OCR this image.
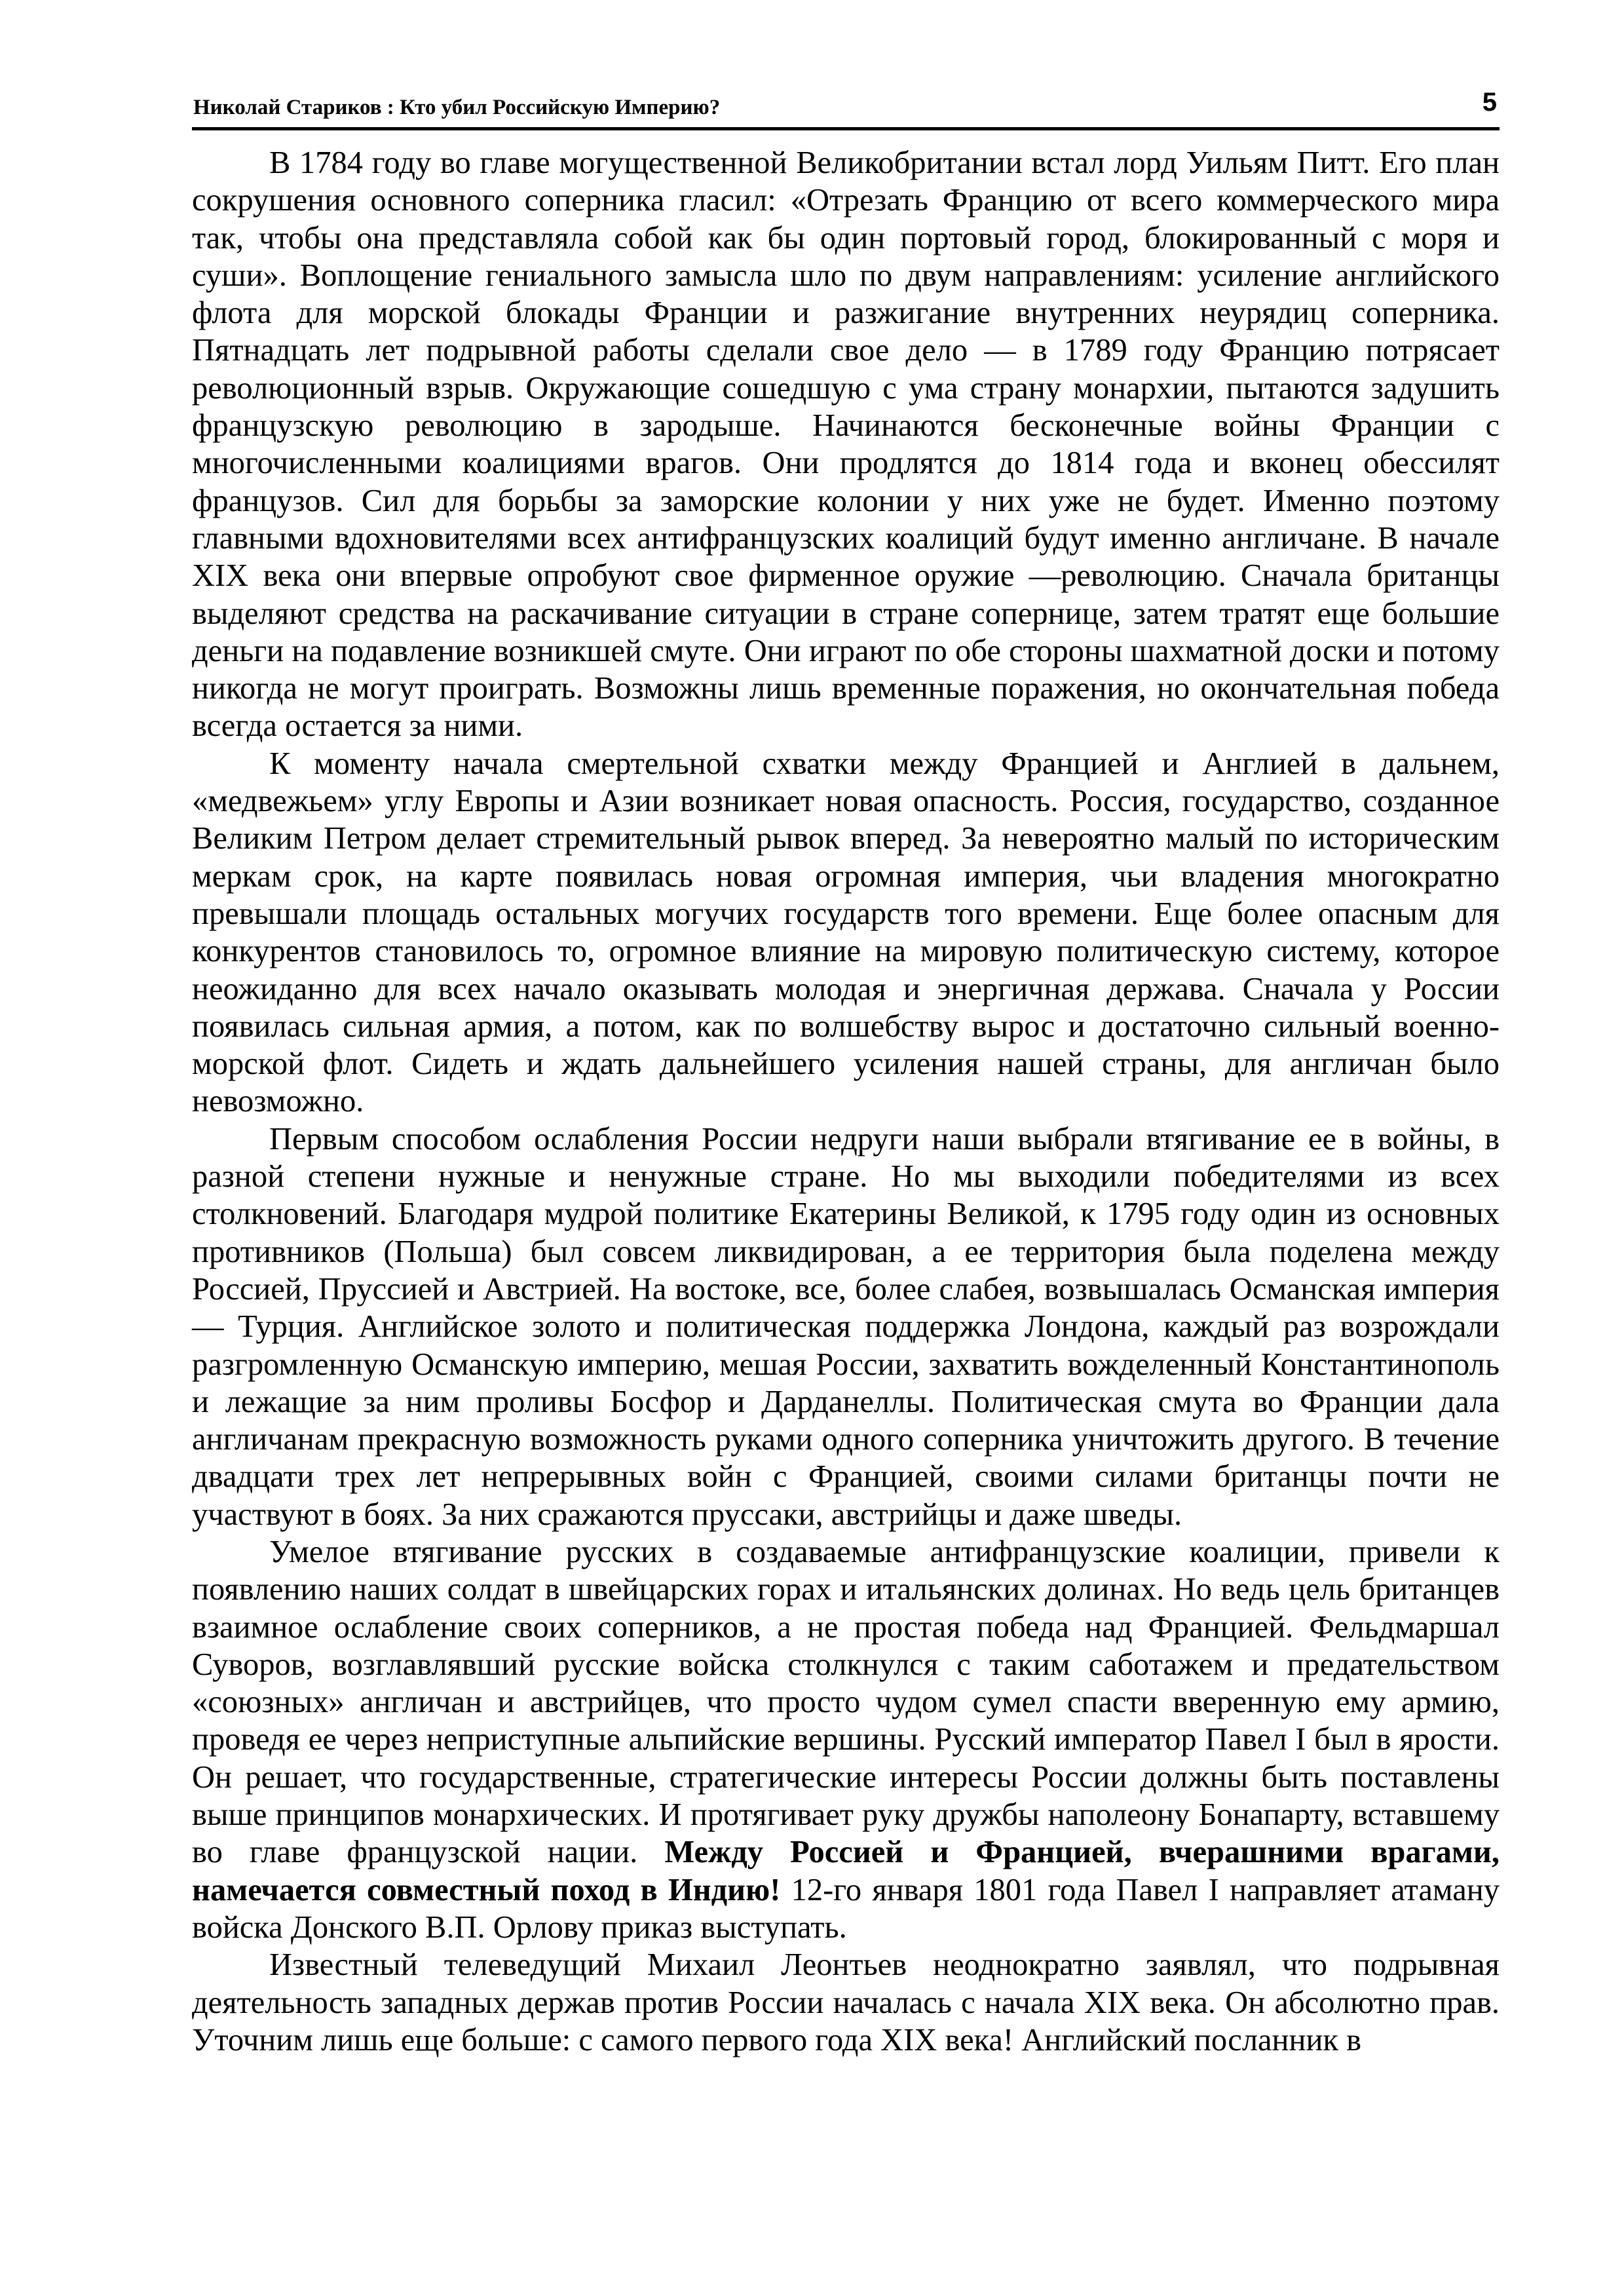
Николай Стариков : Кто убил Российскую Империю?	5

В 1784 году во главе могущественной Великобритании встал лорд Уильям Питт. Его план сокрушения основного соперника гласил: «Отрезать Францию от всего коммерческого мира так, чтобы она представляла собой как бы один портовый город, блокированный с моря и суши». Воплощение гениального замысла шло по двум направлениям: усиление английского флота для морской блокады Франции и разжигание внутренних неурядиц соперника. Пятнадцать лет подрывной работы сделали свое дело — в 1789 году Францию потрясает революционный взрыв. Окружающие сошедшую с ума страну монархии, пытаются задушить французскую революцию в зародыше. Начинаются бесконечные войны Франции с многочисленными коалициями врагов. Они продлятся до 1814 года и вконец обессилят французов. Сил для борьбы за заморские колонии у них уже не будет. Именно поэтому главными вдохновителями всех антифранцузских коалиций будут именно англичане. В начале XIX века они впервые опробуют свое фирменное оружие —революцию. Сначала британцы выделяют средства на раскачивание ситуации в стране сопернице, затем тратят еще большие деньги на подавление возникшей смуте. Они играют по обе стороны шахматной доски и потому никогда не могут проиграть. Возможны лишь временные поражения, но окончательная победа всегда остается за ними.

К моменту начала смертельной схватки между Францией и Англией в дальнем, «медвежьем» углу Европы и Азии возникает новая опасность. Россия, государство, созданное Великим Петром делает стремительный рывок вперед. За невероятно малый по историческим меркам срок, на карте появилась новая огромная империя, чьи владения многократно превышали площадь остальных могучих государств того времени. Еще более опасным для конкурентов становилось то, огромное влияние на мировую политическую систему, которое неожиданно для всех начало оказывать молодая и энергичная держава. Сначала у России появилась сильная армия, а потом, как по волшебству вырос и достаточно сильный военно-морской флот. Сидеть и ждать дальнейшего усиления нашей страны, для англичан было невозможно.

Первым способом ослабления России недруги наши выбрали втягивание ее в войны, в разной степени нужные и ненужные стране. Но мы выходили победителями из всех столкновений. Благодаря мудрой политике Екатерины Великой, к 1795 году один из основных противников (Польша) был совсем ликвидирован, а ее территория была поделена между Россией, Пруссией и Австрией. На востоке, все, более слабея, возвышалась Османская империя — Турция. Английское золото и политическая поддержка Лондона, каждый раз возрождали разгромленную Османскую империю, мешая России, захватить вожделенный Константинополь и лежащие за ним проливы Босфор и Дарданеллы. Политическая смута во Франции дала англичанам прекрасную возможность руками одного соперника уничтожить другого. В течение двадцати трех лет непрерывных войн с Францией, своими силами британцы почти не участвуют в боях. За них сражаются пруссаки, австрийцы и даже шведы.

Умелое втягивание русских в создаваемые антифранцузские коалиции, привели к появлению наших солдат в швейцарских горах и итальянских долинах. Но ведь цель британцев взаимное ослабление своих соперников, а не простая победа над Францией. Фельдмаршал Суворов, возглавлявший русские войска столкнулся с таким саботажем и предательством «союзных» англичан и австрийцев, что просто чудом сумел спасти вверенную ему армию, проведя ее через неприступные альпийские вершины. Русский император Павел I был в ярости. Он решает, что государственные, стратегические интересы России должны быть поставлены выше принципов монархических. И протягивает руку дружбы наполеону Бонапарту, вставшему во главе французской нации. Между Россией и Францией, вчерашними врагами, намечается совместный поход в Индию! 12-го января 1801 года Павел I направляет атаману войска Донского В.П. Орлову приказ выступать.

Известный телеведущий Михаил Леонтьев неоднократно заявлял, что подрывная деятельность западных держав против России началась с начала XIX века. Он абсолютно прав. Уточним лишь еще больше: с самого первого года XIX века! Английский посланник в
